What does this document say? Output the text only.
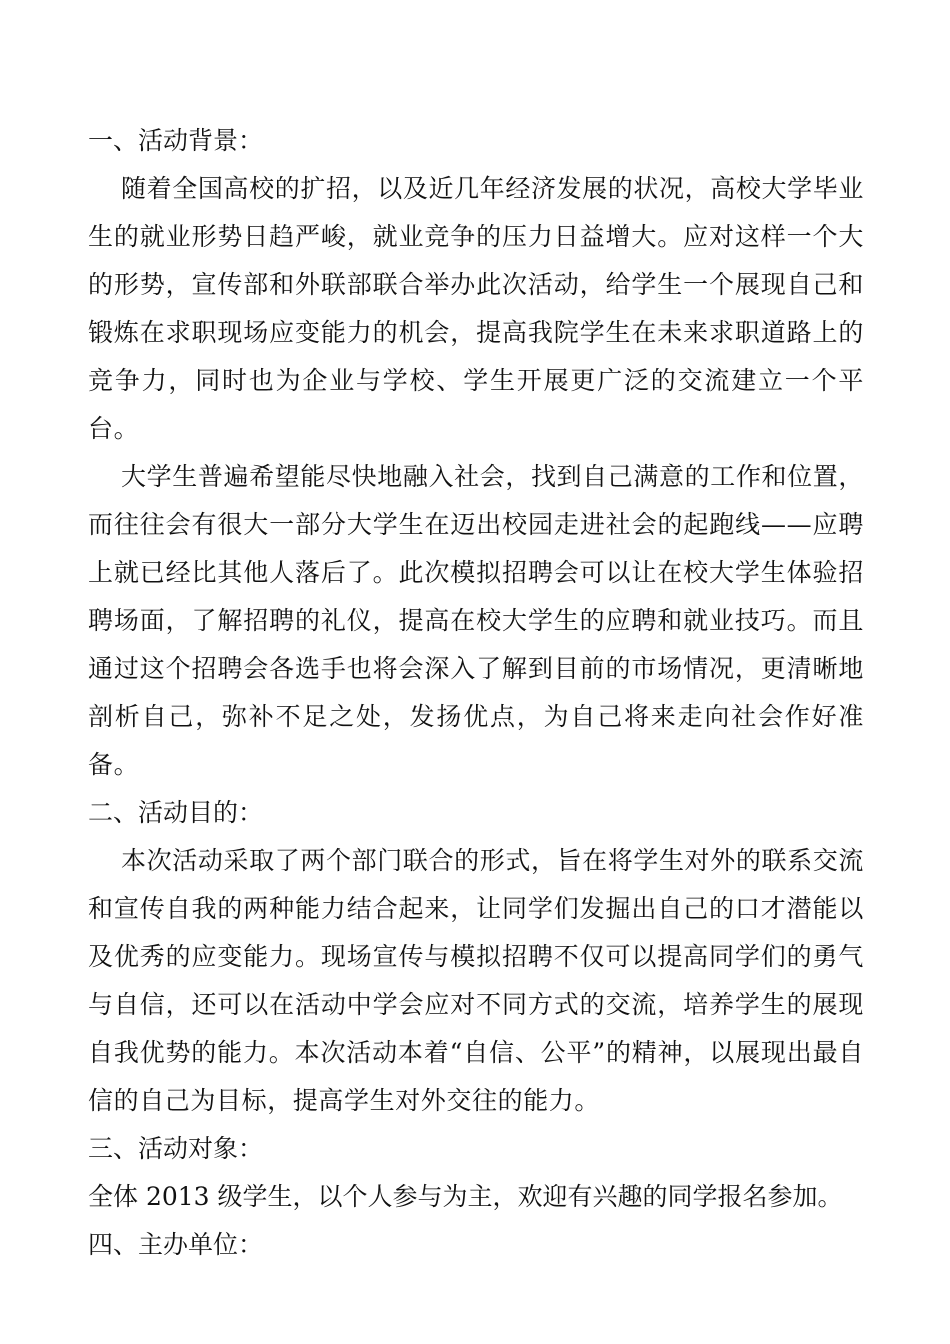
一、活动背景：
随着全国高校的扩招，以及近几年经济发展的状况，高校大学毕业生的就业形势日趋严峻，就业竞争的压力日益增大。应对这样一个大的形势，宣传部和外联部联合举办此次活动，给学生一个展现自己和锻炼在求职现场应变能力的机会，提高我院学生在未来求职道路上的竞争力，同时也为企业与学校、学生开展更广泛的交流建立一个平台。
大学生普遍希望能尽快地融入社会，找到自己满意的工作和位置，而往往会有很大一部分大学生在迈出校园走进社会的起跑线——应聘上就已经比其他人落后了。此次模拟招聘会可以让在校大学生体验招聘场面，了解招聘的礼仪，提高在校大学生的应聘和就业技巧。而且通过这个招聘会各选手也将会深入了解到目前的市场情况，更清晰地剖析自己，弥补不足之处，发扬优点，为自己将来走向社会作好准备。
二、活动目的：
本次活动采取了两个部门联合的形式，旨在将学生对外的联系交流和宣传自我的两种能力结合起来，让同学们发掘出自己的口才潜能以及优秀的应变能力。现场宣传与模拟招聘不仅可以提高同学们的勇气与自信，还可以在活动中学会应对不同方式的交流，培养学生的展现自我优势的能力。本次活动本着“自信、公平”的精神，以展现出最自信的自己为目标，提高学生对外交往的能力。
三、活动对象：
全体 2013 级学生，以个人参与为主，欢迎有兴趣的同学报名参加。
四、主办单位：
